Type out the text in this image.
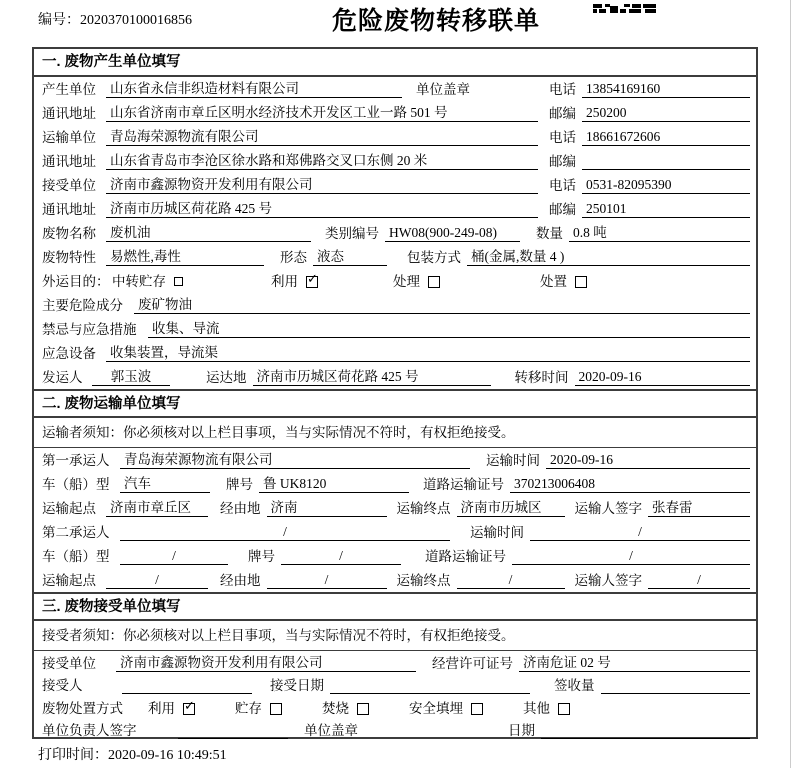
编号：2020370100016856	危险废物转移联单
一. 废物产生单位填写
产生单位 山东省永信非织造材料有限公司	单位盖章	电话 13854169160
通讯地址 山东省济南市章丘区明水经济技术开发区工业一路 501 号	邮编 250200
运输单位 青岛海荣源物流有限公司	电话 18661672606
通讯地址 山东省青岛市李沧区徐水路和郑佛路交叉口东侧 20 米	邮编
接受单位 济南市鑫源物资开发利用有限公司	电话 0531-82095390
通讯地址 济南市历城区荷花路 425 号	邮编 250101
废物名称 废机油	类别编号 HW08(900-249-08)	数量 0.8 吨
废物特性 易燃性,毒性	形态 液态	包装方式 桶(金属,数量 4 )
外运目的： 中转贮存	利用 ✓	处理	处置
主要危险成分	废矿物油
禁忌与应急措施	收集、导流
应急设备 收集装置，导流渠
发运人	郭玉波	运达地 济南市历城区荷花路 425 号	转移时间 2020-09-16
二. 废物运输单位填写
运输者须知：你必须核对以上栏目事项，当与实际情况不符时，有权拒绝接受。
第一承运人	青岛海荣源物流有限公司	运输时间 2020-09-16
车（船）型	汽车	牌号 鲁 UK8120	道路运输证号 370213006408
运输起点 济南市章丘区	经由地 济南	运输终点 济南市历城区	运输人签字 张春雷
第二承运人	/	运输时间	/
车（船）型	/	牌号	/	道路运输证号	/
运输起点	/	经由地	/	运输终点	/	运输人签字	/
三. 废物接受单位填写
接受者须知：你必须核对以上栏目事项，当与实际情况不符时，有权拒绝接受。
接受单位 济南市鑫源物资开发利用有限公司	经营许可证号 济南危证 02 号
接受人	接受日期	签收量
废物处置方式	利用 ✓	贮存	焚烧	安全填埋	其他
单位负责人签字	单位盖章	日期
打印时间：2020-09-16 10:49:51
